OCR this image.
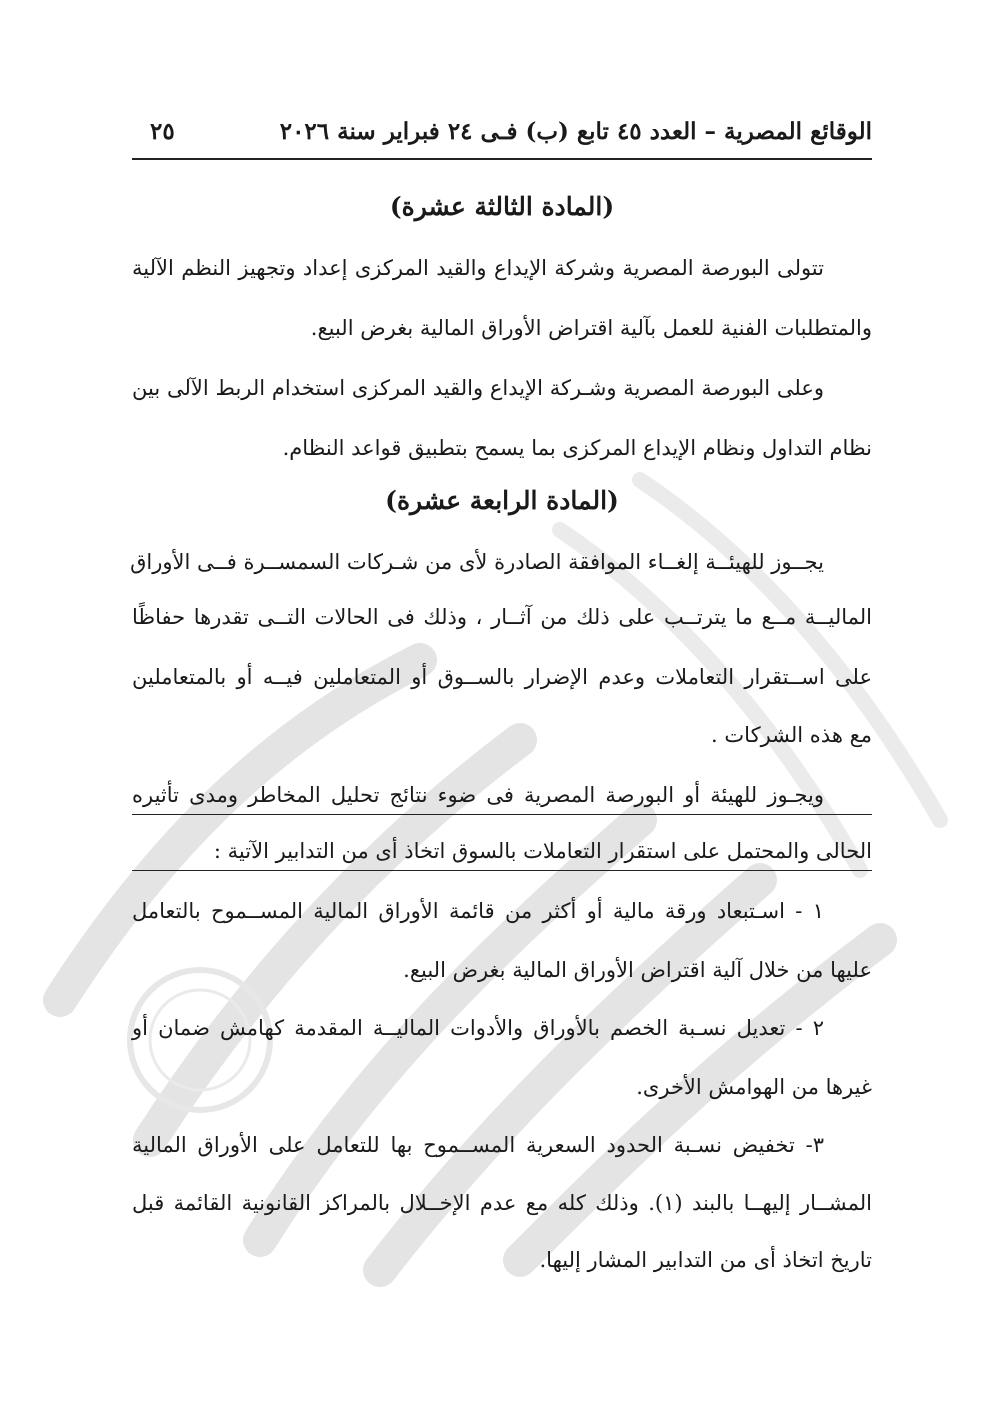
الوقائع المصرية – العدد ٤٥ تابع (ب) فـى ٢٤ فبراير سنة ٢٠٢٦
٢٥
(المادة الثالثة عشرة)
تتولى البورصة المصرية وشركة الإيداع والقيد المركزى إعداد وتجهيز النظم الآلية
والمتطلبات الفنية للعمل بآلية اقتراض الأوراق المالية بغرض البيع.
وعلى البورصة المصرية وشـركة الإيداع والقيد المركزى استخدام الربط الآلى بين
نظام التداول ونظام الإيداع المركزى بما يسمح بتطبيق قواعد النظام.
(المادة الرابعة عشرة)
يجــوز للهيئــة إلغــاء الموافقة الصادرة لأى من شـركات السمســرة فــى الأوراق
الماليــة مــع ما يترتــب على ذلك من آثــار ، وذلك فى الحالات التــى تقدرها حفاظًا
على اســتقرار التعاملات وعدم الإضرار بالســوق أو المتعاملين فيــه أو بالمتعاملين
مع هذه الشركات .
ويجـوز للهيئة أو البورصة المصرية فى ضوء نتائج تحليل المخاطر ومدى تأثيره
الحالى والمحتمل على استقرار التعاملات بالسوق اتخاذ أى من التدابير الآتية :
١ - اسـتبعاد ورقة مالية أو أكثر من قائمة الأوراق المالية المســموح بالتعامل
عليها من خلال آلية اقتراض الأوراق المالية بغرض البيع.
٢ - تعديل نسـبة الخصم بالأوراق والأدوات الماليــة المقدمة كهامش ضمان أو
غيرها من الهوامش الأخرى.
٣- تخفيض نسـبة الحدود السعرية المســموح بها للتعامل على الأوراق المالية
المشــار إليهــا بالبند (١). وذلك كله مع عدم الإخــلال بالمراكز القانونية القائمة قبل
تاريخ اتخاذ أى من التدابير المشار إليها.
